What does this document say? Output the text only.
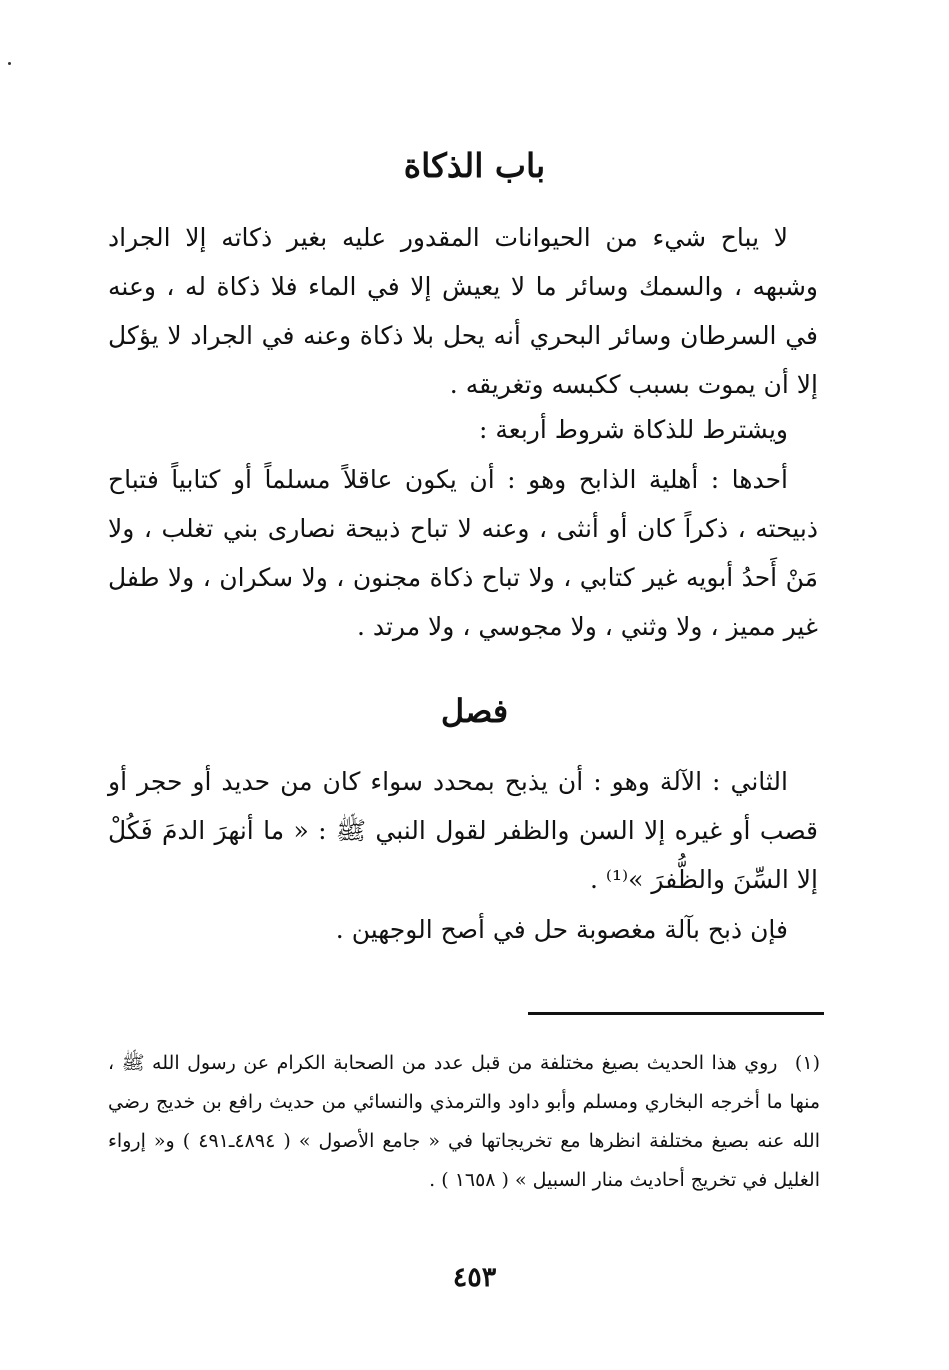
باب الذكاة

لا يباح شيء من الحيوانات المقدور عليه بغير ذكاته إلا الجراد وشبهه ، والسمك وسائر ما لا يعيش إلا في الماء فلا ذكاة له ، وعنه في السرطان وسائر البحري أنه يحل بلا ذكاة وعنه في الجراد لا يؤكل إلا أن يموت بسبب ككبسه وتغريقه .

ويشترط للذكاة شروط أربعة :

أحدها : أهلية الذابح وهو : أن يكون عاقلاً مسلماً أو كتابياً فتباح ذبيحته ، ذكراً كان أو أنثى ، وعنه لا تباح ذبيحة نصارى بني تغلب ، ولا مَنْ أَحدُ أبويه غير كتابي ، ولا تباح ذكاة مجنون ، ولا سكران ، ولا طفل غير مميز ، ولا وثني ، ولا مجوسي ، ولا مرتد .

فصل

الثاني : الآلة وهو : أن يذبح بمحدد سواء كان من حديد أو حجر أو قصب أو غيره إلا السن والظفر لقول النبي ﷺ : « ما أنهرَ الدمَ فَكُلْ إلا السِّنَ والظُّفرَ »⁽¹⁾ .

فإن ذبح بآلة مغصوبة حل في أصح الوجهين .

(١) روي هذا الحديث بصيغ مختلفة من قبل عدد من الصحابة الكرام عن رسول الله ﷺ ، منها ما أخرجه البخاري ومسلم وأبو داود والترمذي والنسائي من حديث رافع بن خديج رضي الله عنه بصيغ مختلفة انظرها مع تخريجاتها في « جامع الأصول » ( ٤٨٩٤ـ٤٩١ ) و« إرواء الغليل في تخريج أحاديث منار السبيل » ( ١٦٥٨ ) .

٤٥٣
